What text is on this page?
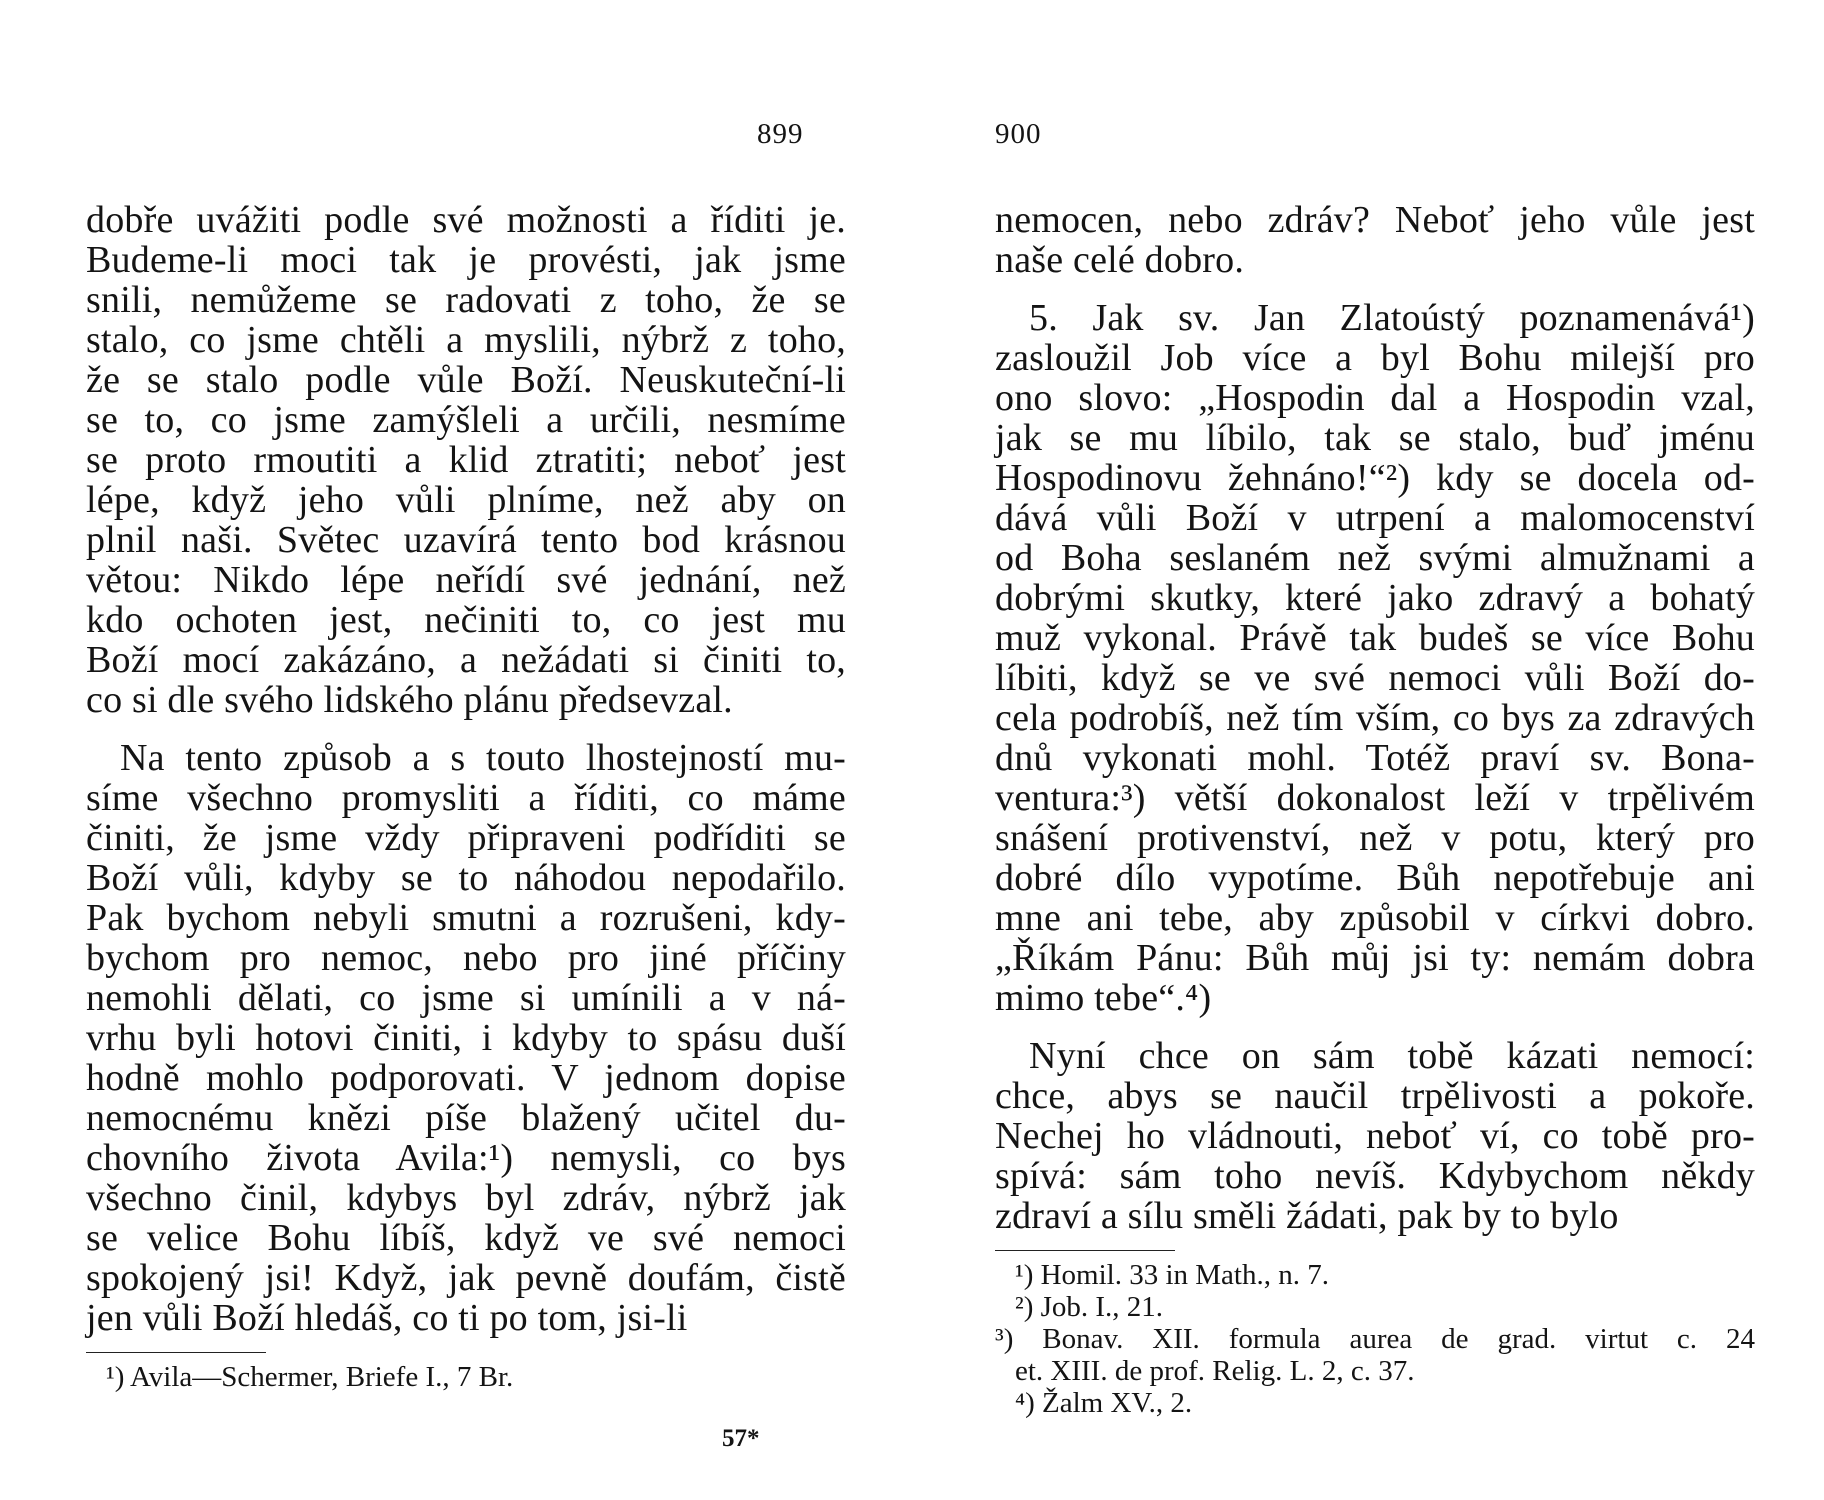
899
dobře uvážiti podle své možnosti a říditi je.
Budeme-li moci tak je provésti, jak jsme
snili, nemůžeme se radovati z toho, že se
stalo, co jsme chtěli a myslili, nýbrž z toho,
že se stalo podle vůle Boží. Neuskuteční-li
se to, co jsme zamýšleli a určili, nesmíme
se proto rmoutiti a klid ztratiti; neboť jest
lépe, když jeho vůli plníme, než aby on
plnil naši. Světec uzavírá tento bod krásnou
větou: Nikdo lépe neřídí své jednání, než
kdo ochoten jest, nečiniti to, co jest mu
Boží mocí zakázáno, a nežádati si činiti to,
co si dle svého lidského plánu předsevzal.
Na tento způsob a s touto lhostejností mu-
síme všechno promysliti a říditi, co máme
činiti, že jsme vždy připraveni podříditi se
Boží vůli, kdyby se to náhodou nepodařilo.
Pak bychom nebyli smutni a rozrušeni, kdy-
bychom pro nemoc, nebo pro jiné příčiny
nemohli dělati, co jsme si umínili a v ná-
vrhu byli hotovi činiti, i kdyby to spásu duší
hodně mohlo podporovati. V jednom dopise
nemocnému knězi píše blažený učitel du-
chovního života Avila:¹) nemysli, co bys
všechno činil, kdybys byl zdráv, nýbrž jak
se velice Bohu líbíš, když ve své nemoci
spokojený jsi! Když, jak pevně doufám, čistě
jen vůli Boží hledáš, co ti po tom, jsi-li
¹) Avila—Schermer, Briefe I., 7 Br.
900
nemocen, nebo zdráv? Neboť jeho vůle jest
naše celé dobro.
5. Jak sv. Jan Zlatoústý poznamenává¹)
zasloužil Job více a byl Bohu milejší pro
ono slovo: „Hospodin dal a Hospodin vzal,
jak se mu líbilo, tak se stalo, buď jménu
Hospodinovu žehnáno!“²) kdy se docela od-
dává vůli Boží v utrpení a malomocenství
od Boha seslaném než svými almužnami a
dobrými skutky, které jako zdravý a bohatý
muž vykonal. Právě tak budeš se více Bohu
líbiti, když se ve své nemoci vůli Boží do-
cela podrobíš, než tím vším, co bys za zdravých
dnů vykonati mohl. Totéž praví sv. Bona-
ventura:³) větší dokonalost leží v trpělivém
snášení protivenství, než v potu, který pro
dobré dílo vypotíme. Bůh nepotřebuje ani
mne ani tebe, aby způsobil v církvi dobro.
„Říkám Pánu: Bůh můj jsi ty: nemám dobra
mimo tebe“.⁴)
Nyní chce on sám tobě kázati nemocí:
chce, abys se naučil trpělivosti a pokoře.
Nechej ho vládnouti, neboť ví, co tobě pro-
spívá: sám toho nevíš. Kdybychom někdy
zdraví a sílu směli žádati, pak by to bylo
¹) Homil. 33 in Math., n. 7.
²) Job. I., 21.
³) Bonav. XII. formula aurea de grad. virtut c. 24
et. XIII. de prof. Relig. L. 2, c. 37.
⁴) Žalm XV., 2.
57*
